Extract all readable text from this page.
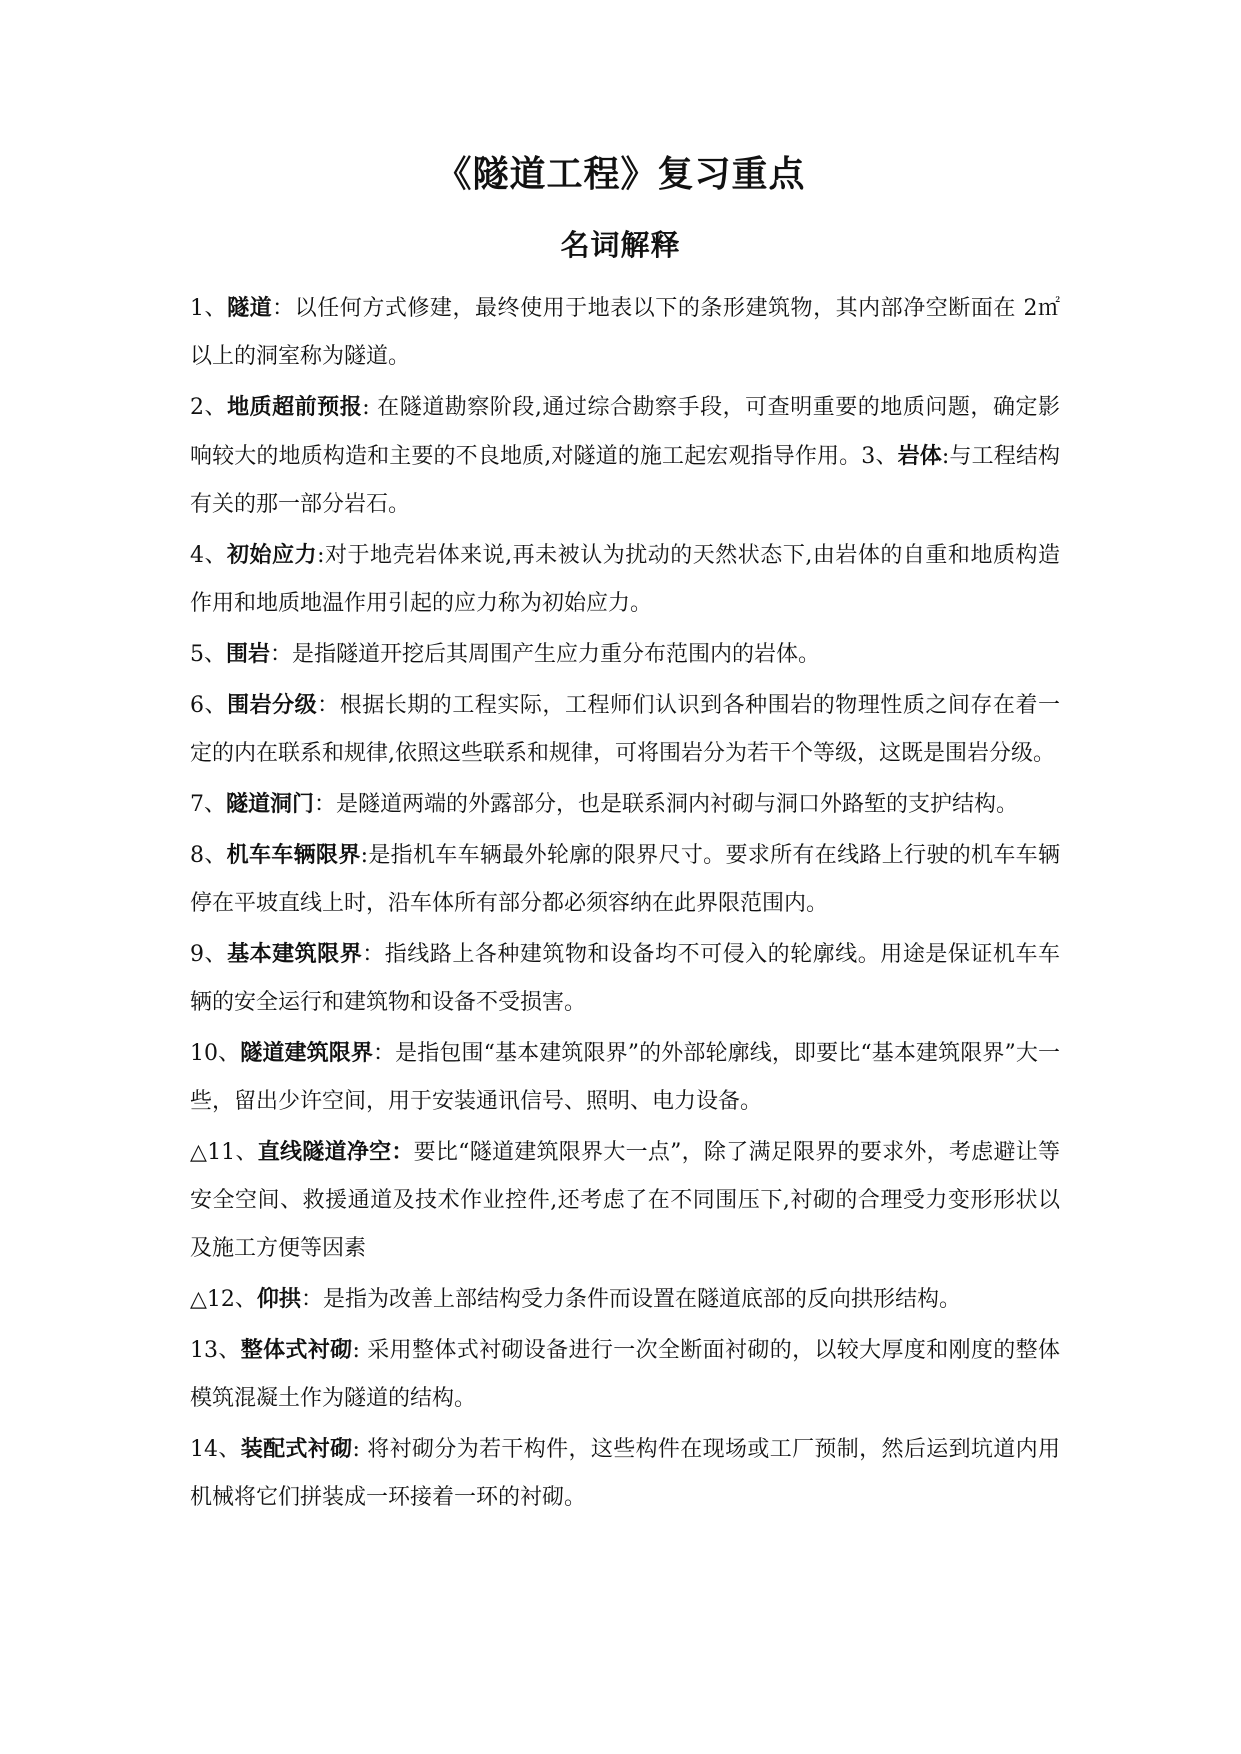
《隧道工程》复习重点
名词解释

1、隧道：以任何方式修建，最终使用于地表以下的条形建筑物，其内部净空断面在 2㎡以上的洞室称为隧道。

2、地质超前预报: 在隧道勘察阶段,通过综合勘察手段，可查明重要的地质问题，确定影响较大的地质构造和主要的不良地质,对隧道的施工起宏观指导作用。3、岩体:与工程结构有关的那一部分岩石。

4、初始应力:对于地壳岩体来说,再未被认为扰动的天然状态下,由岩体的自重和地质构造作用和地质地温作用引起的应力称为初始应力。

5、围岩：是指隧道开挖后其周围产生应力重分布范围内的岩体。

6、围岩分级：根据长期的工程实际，工程师们认识到各种围岩的物理性质之间存在着一定的内在联系和规律,依照这些联系和规律，可将围岩分为若干个等级，这既是围岩分级。

7、隧道洞门：是隧道两端的外露部分，也是联系洞内衬砌与洞口外路堑的支护结构。

8、机车车辆限界:是指机车车辆最外轮廓的限界尺寸。要求所有在线路上行驶的机车车辆停在平坡直线上时，沿车体所有部分都必须容纳在此界限范围内。

9、基本建筑限界：指线路上各种建筑物和设备均不可侵入的轮廓线。用途是保证机车车辆的安全运行和建筑物和设备不受损害。

10、隧道建筑限界：是指包围“基本建筑限界”的外部轮廓线，即要比“基本建筑限界”大一些，留出少许空间，用于安装通讯信号、照明、电力设备。

△11、直线隧道净空：要比“隧道建筑限界大一点”，除了满足限界的要求外，考虑避让等安全空间、救援通道及技术作业控件,还考虑了在不同围压下,衬砌的合理受力变形形状以及施工方便等因素

△12、仰拱：是指为改善上部结构受力条件而设置在隧道底部的反向拱形结构。

13、整体式衬砌: 采用整体式衬砌设备进行一次全断面衬砌的，以较大厚度和刚度的整体模筑混凝土作为隧道的结构。

14、装配式衬砌: 将衬砌分为若干构件，这些构件在现场或工厂预制，然后运到坑道内用机械将它们拼装成一环接着一环的衬砌。
